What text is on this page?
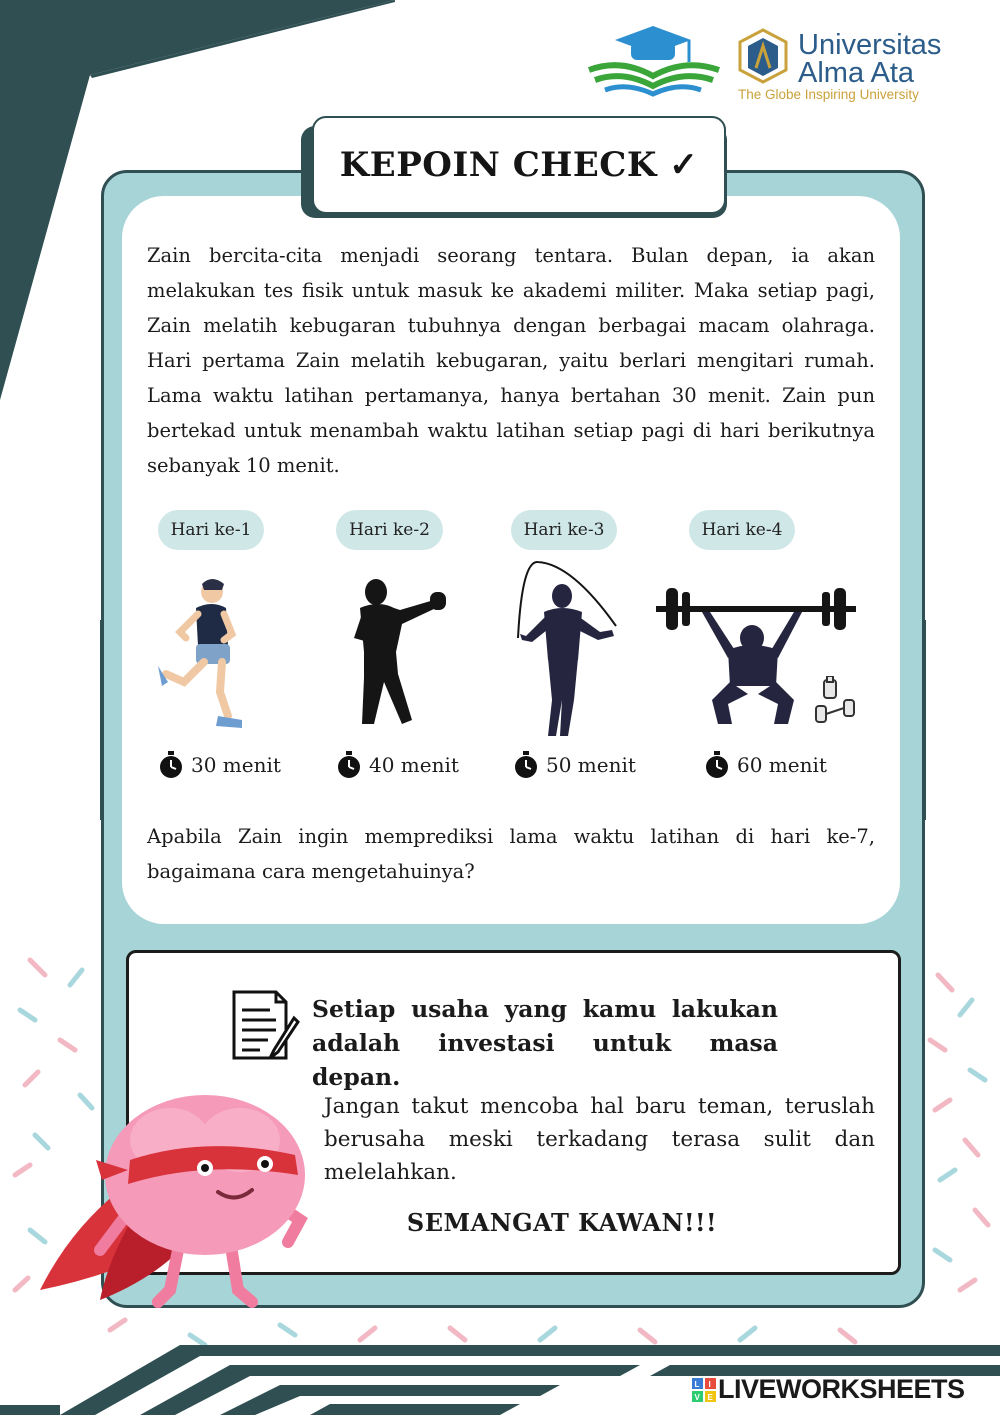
Universitas
Alma Ata
The Globe Inspiring University
KEPOIN CHECK ✓
Zain bercita-cita menjadi seorang tentara. Bulan depan, ia akan melakukan tes fisik untuk masuk ke akademi militer. Maka setiap pagi, Zain melatih kebugaran tubuhnya dengan berbagai macam olahraga. Hari pertama Zain melatih kebugaran, yaitu berlari mengitari rumah. Lama waktu latihan pertamanya, hanya bertahan 30 menit. Zain pun bertekad untuk menambah waktu latihan setiap pagi di hari berikutnya sebanyak 10 menit.
Hari ke-1	Hari ke-2	Hari ke-3	Hari ke-4
30 menit	40 menit	50 menit	60 menit
Apabila Zain ingin memprediksi lama waktu latihan di hari ke-7, bagaimana cara mengetahuinya?
Setiap usaha yang kamu lakukan adalah investasi untuk masa depan.
Jangan takut mencoba hal baru teman, teruslah berusaha meski terkadang terasa sulit dan melelahkan.
SEMANGAT KAWAN!!!
L I
V E LIVEWORKSHEETS
